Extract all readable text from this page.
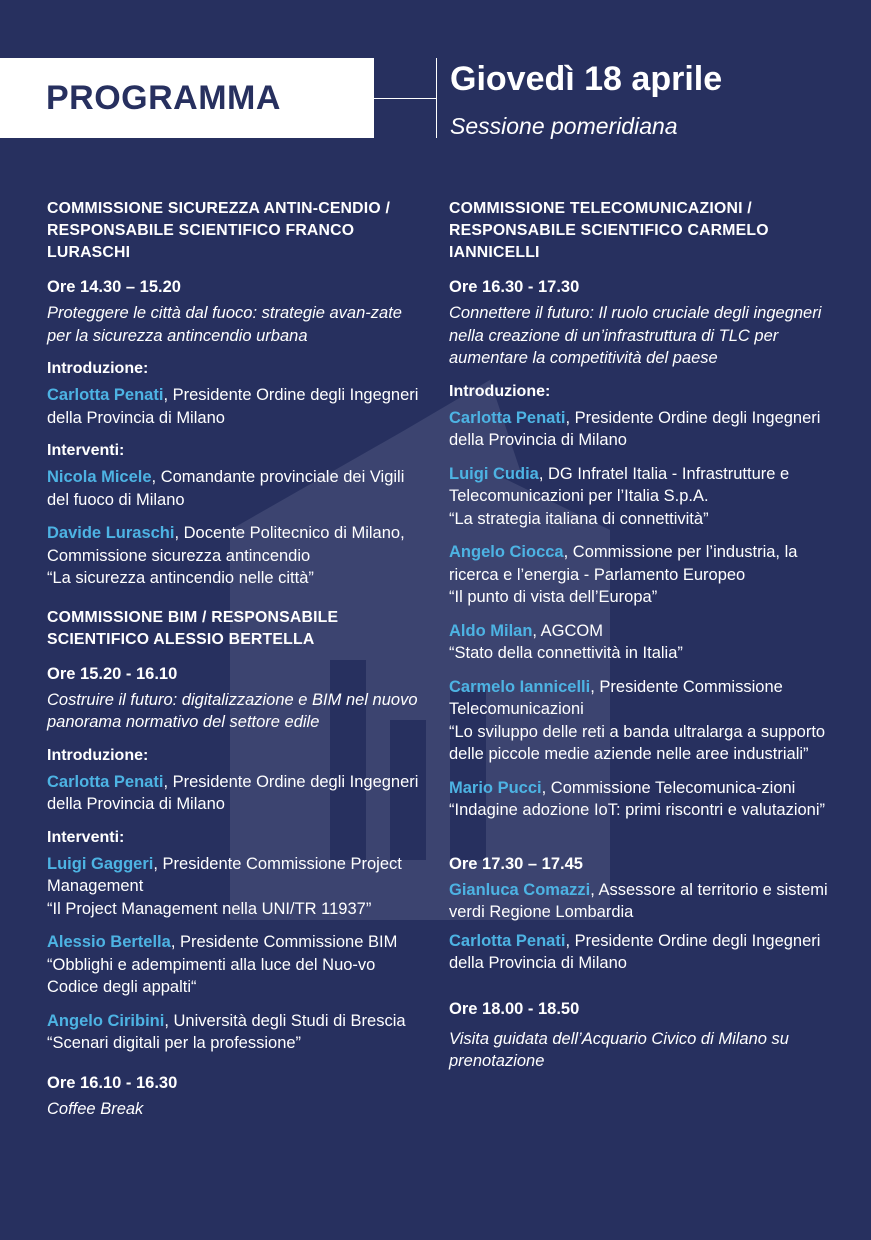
PROGRAMMA	Giovedì 18 aprile
Sessione pomeridiana
COMMISSIONE SICUREZZA ANTIN-CENDIO / RESPONSABILE SCIENTIFICO FRANCO LURASCHI
Ore 14.30 – 15.20
Proteggere le città dal fuoco: strategie avan-zate per la sicurezza antincendio urbana
Introduzione:
Carlotta Penati, Presidente Ordine degli Ingegneri della Provincia di Milano
Interventi:
Nicola Micele, Comandante provinciale dei Vigili del fuoco di Milano
Davide Luraschi, Docente Politecnico di Milano, Commissione sicurezza antincendio
“La sicurezza antincendio nelle città”
COMMISSIONE BIM / RESPONSABILE SCIENTIFICO ALESSIO BERTELLA
Ore 15.20 - 16.10
Costruire il futuro: digitalizzazione e BIM nel nuovo panorama normativo del settore edile
Introduzione:
Carlotta Penati, Presidente Ordine degli Ingegneri della Provincia di Milano
Interventi:
Luigi Gaggeri, Presidente Commissione Project Management
“Il Project Management nella UNI/TR 11937”
Alessio Bertella, Presidente Commissione BIM
“Obblighi e adempimenti alla luce del Nuo-vo Codice degli appalti“
Angelo Ciribini, Università degli Studi di Brescia
“Scenari digitali per la professione”
Ore 16.10 - 16.30
Coffee Break
COMMISSIONE TELECOMUNICAZIONI / RESPONSABILE SCIENTIFICO CARMELO IANNICELLI
Ore 16.30 - 17.30
Connettere il futuro: Il ruolo cruciale degli ingegneri nella creazione di un’infrastruttura di TLC per aumentare la competitività del paese
Introduzione:
Carlotta Penati, Presidente Ordine degli Ingegneri della Provincia di Milano
Luigi Cudia, DG Infratel Italia - Infrastrutture e Telecomunicazioni per l’Italia S.p.A.
“La strategia italiana di connettività”
Angelo Ciocca, Commissione per l’industria, la ricerca e l’energia - Parlamento Europeo
“Il punto di vista dell’Europa”
Aldo Milan, AGCOM
“Stato della connettività in Italia”
Carmelo Iannicelli, Presidente Commissione Telecomunicazioni
“Lo sviluppo delle reti a banda ultralarga a supporto delle piccole medie aziende nelle aree industriali”
Mario Pucci, Commissione Telecomunica-zioni
“Indagine adozione IoT: primi riscontri e valutazioni”
Ore 17.30 – 17.45
Gianluca Comazzi, Assessore al territorio e sistemi verdi Regione Lombardia
Carlotta Penati, Presidente Ordine degli Ingegneri della Provincia di Milano
Ore 18.00 - 18.50
Visita guidata dell’Acquario Civico di Milano su prenotazione
